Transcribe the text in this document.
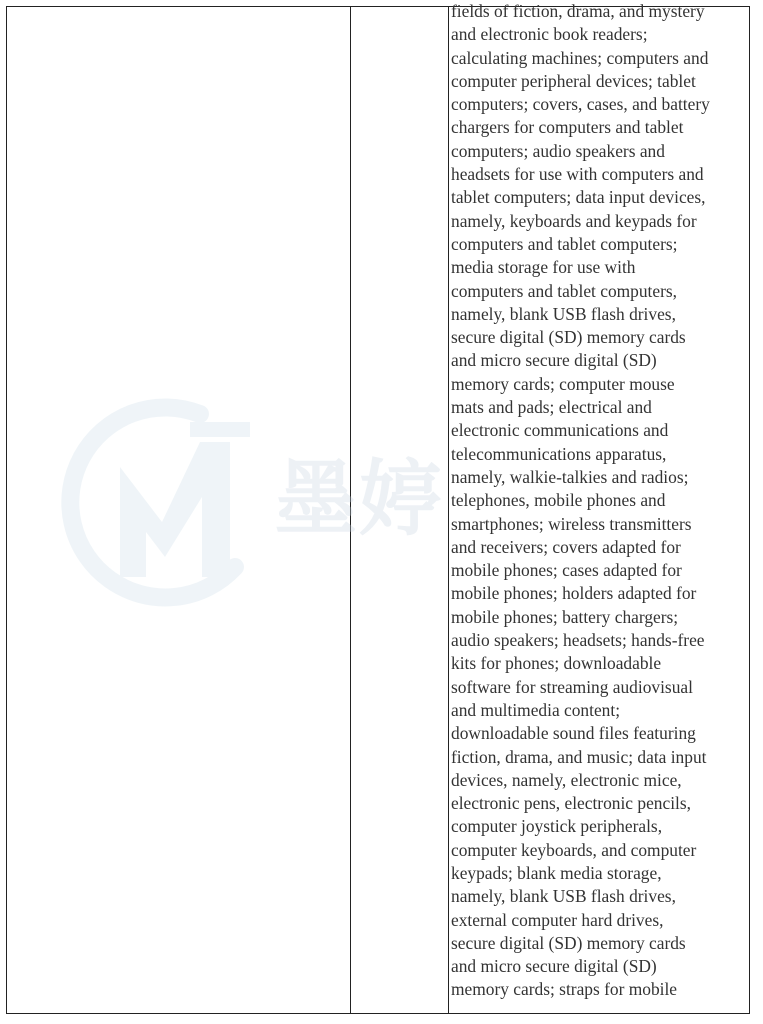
墨婷
fields of fiction, drama, and mystery
and electronic book readers;
calculating machines; computers and
computer peripheral devices; tablet
computers; covers, cases, and battery
chargers for computers and tablet
computers; audio speakers and
headsets for use with computers and
tablet computers; data input devices,
namely, keyboards and keypads for
computers and tablet computers;
media storage for use with
computers and tablet computers,
namely, blank USB flash drives,
secure digital (SD) memory cards
and micro secure digital (SD)
memory cards; computer mouse
mats and pads; electrical and
electronic communications and
telecommunications apparatus,
namely, walkie-talkies and radios;
telephones, mobile phones and
smartphones; wireless transmitters
and receivers; covers adapted for
mobile phones; cases adapted for
mobile phones; holders adapted for
mobile phones; battery chargers;
audio speakers; headsets; hands-free
kits for phones; downloadable
software for streaming audiovisual
and multimedia content;
downloadable sound files featuring
fiction, drama, and music; data input
devices, namely, electronic mice,
electronic pens, electronic pencils,
computer joystick peripherals,
computer keyboards, and computer
keypads; blank media storage,
namely, blank USB flash drives,
external computer hard drives,
secure digital (SD) memory cards
and micro secure digital (SD)
memory cards; straps for mobile
